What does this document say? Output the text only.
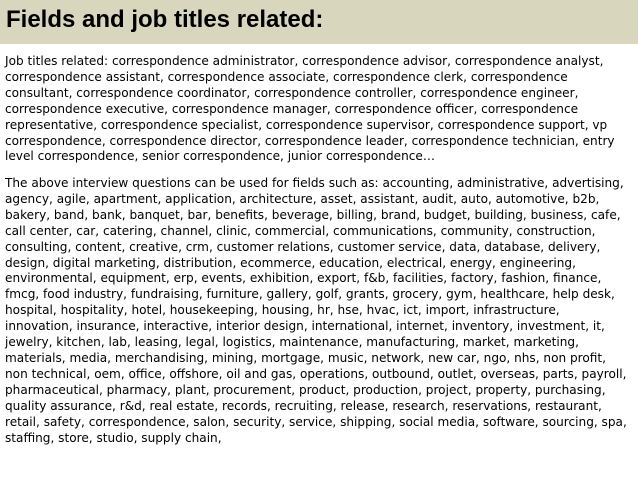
Fields and job titles related:
Job titles related: correspondence administrator, correspondence advisor, correspondence analyst,
correspondence assistant, correspondence associate, correspondence clerk, correspondence
consultant, correspondence coordinator, correspondence controller, correspondence engineer,
correspondence executive, correspondence manager, correspondence officer, correspondence
representative, correspondence specialist, correspondence supervisor, correspondence support, vp
correspondence, correspondence director, correspondence leader, correspondence technician, entry
level correspondence, senior correspondence, junior correspondence…
The above interview questions can be used for fields such as: accounting, administrative, advertising,
agency, agile, apartment, application, architecture, asset, assistant, audit, auto, automotive, b2b,
bakery, band, bank, banquet, bar, benefits, beverage, billing, brand, budget, building, business, cafe,
call center, car, catering, channel, clinic, commercial, communications, community, construction,
consulting, content, creative, crm, customer relations, customer service, data, database, delivery,
design, digital marketing, distribution, ecommerce, education, electrical, energy, engineering,
environmental, equipment, erp, events, exhibition, export, f&b, facilities, factory, fashion, finance,
fmcg, food industry, fundraising, furniture, gallery, golf, grants, grocery, gym, healthcare, help desk,
hospital, hospitality, hotel, housekeeping, housing, hr, hse, hvac, ict, import, infrastructure,
innovation, insurance, interactive, interior design, international, internet, inventory, investment, it,
jewelry, kitchen, lab, leasing, legal, logistics, maintenance, manufacturing, market, marketing,
materials, media, merchandising, mining, mortgage, music, network, new car, ngo, nhs, non profit,
non technical, oem, office, offshore, oil and gas, operations, outbound, outlet, overseas, parts, payroll,
pharmaceutical, pharmacy, plant, procurement, product, production, project, property, purchasing,
quality assurance, r&d, real estate, records, recruiting, release, research, reservations, restaurant,
retail, safety, correspondence, salon, security, service, shipping, social media, software, sourcing, spa,
staffing, store, studio, supply chain,
